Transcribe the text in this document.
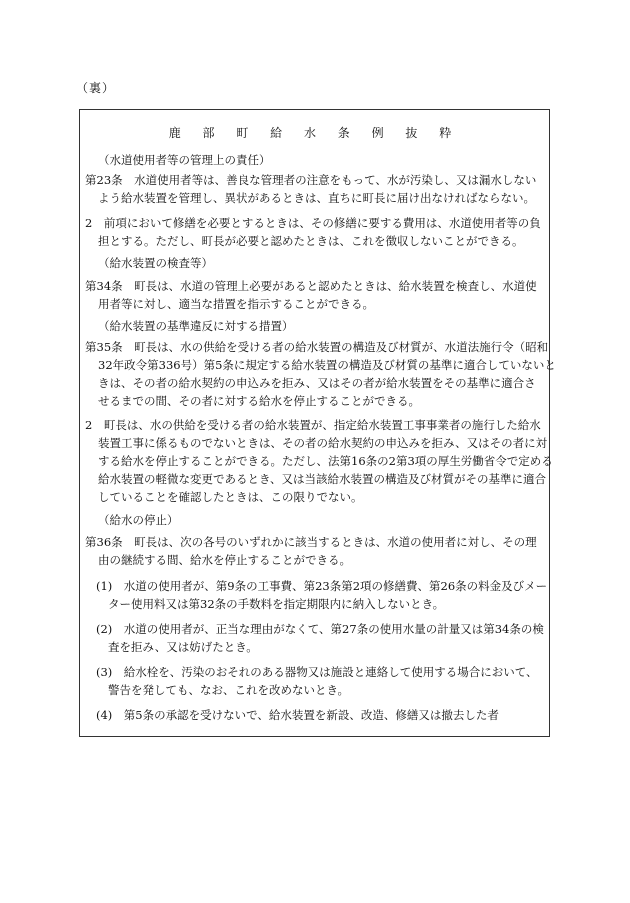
（裏）
鹿 部 町 給 水 条 例 抜 粋
（水道使用者等の管理上の責任）
第23条　水道使用者等は、善良な管理者の注意をもって、水が汚染し、又は漏水しない
よう給水装置を管理し、異状があるときは、直ちに町長に届け出なければならない。
2　前項において修繕を必要とするときは、その修繕に要する費用は、水道使用者等の負
担とする。ただし、町長が必要と認めたときは、これを徴収しないことができる。
（給水装置の検査等）
第34条　町長は、水道の管理上必要があると認めたときは、給水装置を検査し、水道使
用者等に対し、適当な措置を指示することができる。
（給水装置の基準違反に対する措置）
第35条　町長は、水の供給を受ける者の給水装置の構造及び材質が、水道法施行令（昭和
32年政令第336号）第5条に規定する給水装置の構造及び材質の基準に適合していないと
きは、その者の給水契約の申込みを拒み、又はその者が給水装置をその基準に適合さ
せるまでの間、その者に対する給水を停止することができる。
2　町長は、水の供給を受ける者の給水装置が、指定給水装置工事事業者の施行した給水
装置工事に係るものでないときは、その者の給水契約の申込みを拒み、又はその者に対
する給水を停止することができる。ただし、法第16条の2第3項の厚生労働省令で定める
給水装置の軽微な変更であるとき、又は当該給水装置の構造及び材質がその基準に適合
していることを確認したときは、この限りでない。
（給水の停止）
第36条　町長は、次の各号のいずれかに該当するときは、水道の使用者に対し、その理
由の継続する間、給水を停止することができる。
(1)　水道の使用者が、第9条の工事費、第23条第2項の修繕費、第26条の料金及びメー
ター使用料又は第32条の手数料を指定期限内に納入しないとき。
(2)　水道の使用者が、正当な理由がなくて、第27条の使用水量の計量又は第34条の検
査を拒み、又は妨げたとき。
(3)　給水栓を、汚染のおそれのある器物又は施設と連絡して使用する場合において、
警告を発しても、なお、これを改めないとき。
(4)　第5条の承認を受けないで、給水装置を新設、改造、修繕又は撤去した者
